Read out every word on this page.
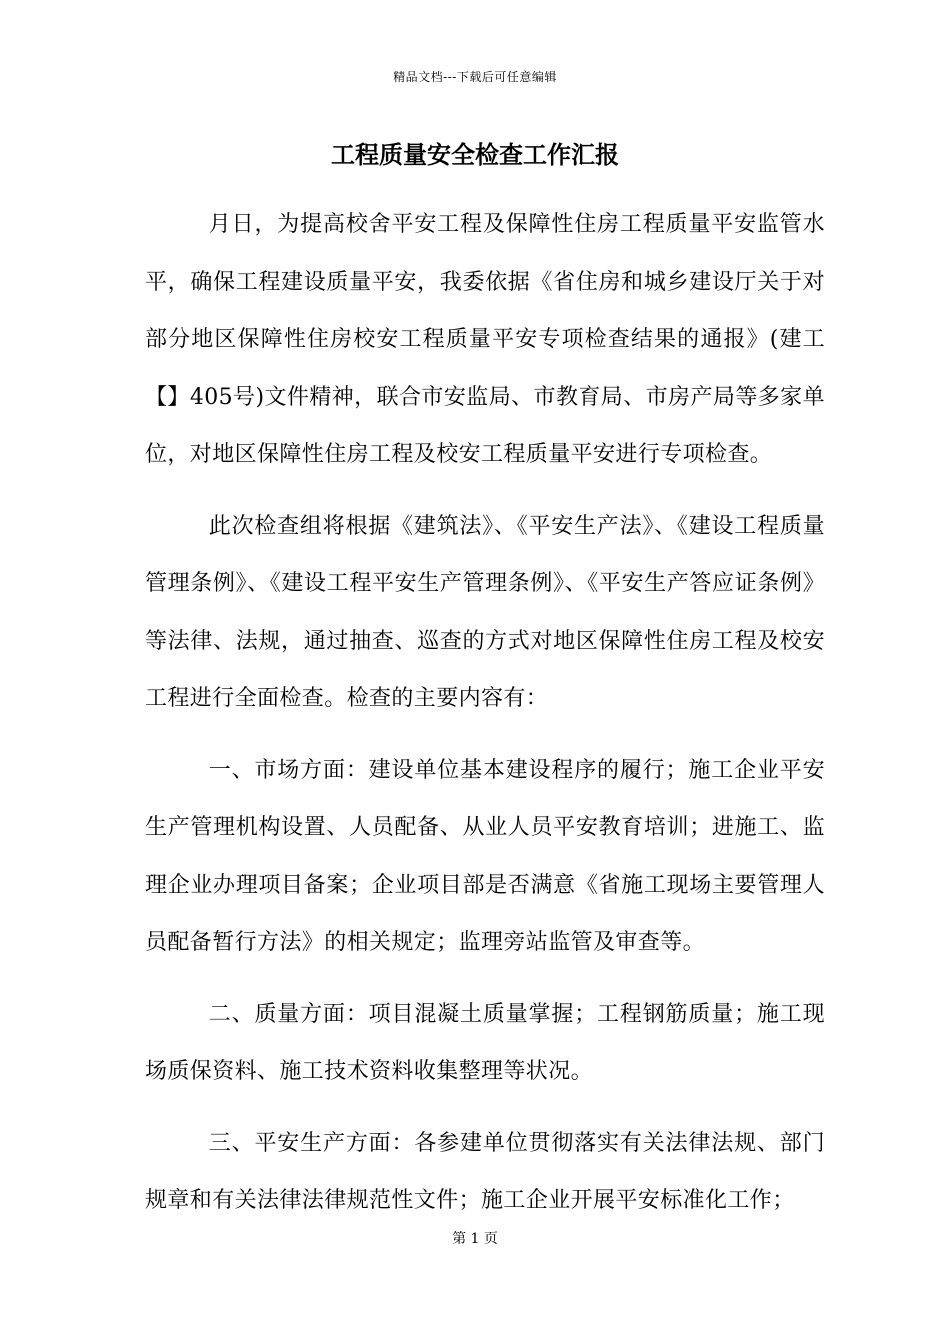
精品文档---下载后可任意编辑
工程质量安全检查工作汇报

月日，为提高校舍平安工程及保障性住房工程质量平安监管水平，确保工程建设质量平安，我委依据《省住房和城乡建设厅关于对部分地区保障性住房校安工程质量平安专项检查结果的通报》(建工【】405号)文件精神，联合市安监局、市教育局、市房产局等多家单位，对地区保障性住房工程及校安工程质量平安进行专项检查。

此次检查组将根据《建筑法》、《平安生产法》、《建设工程质量管理条例》、《建设工程平安生产管理条例》、《平安生产答应证条例》等法律、法规，通过抽查、巡查的方式对地区保障性住房工程及校安工程进行全面检查。检查的主要内容有：

一、市场方面：建设单位基本建设程序的履行；施工企业平安生产管理机构设置、人员配备、从业人员平安教育培训；进施工、监理企业办理项目备案；企业项目部是否满意《省施工现场主要管理人员配备暂行方法》的相关规定；监理旁站监管及审查等。

二、质量方面：项目混凝土质量掌握；工程钢筋质量；施工现场质保资料、施工技术资料收集整理等状况。

三、平安生产方面：各参建单位贯彻落实有关法律法规、部门规章和有关法律法律规范性文件；施工企业开展平安标准化工作；

第 1 页
